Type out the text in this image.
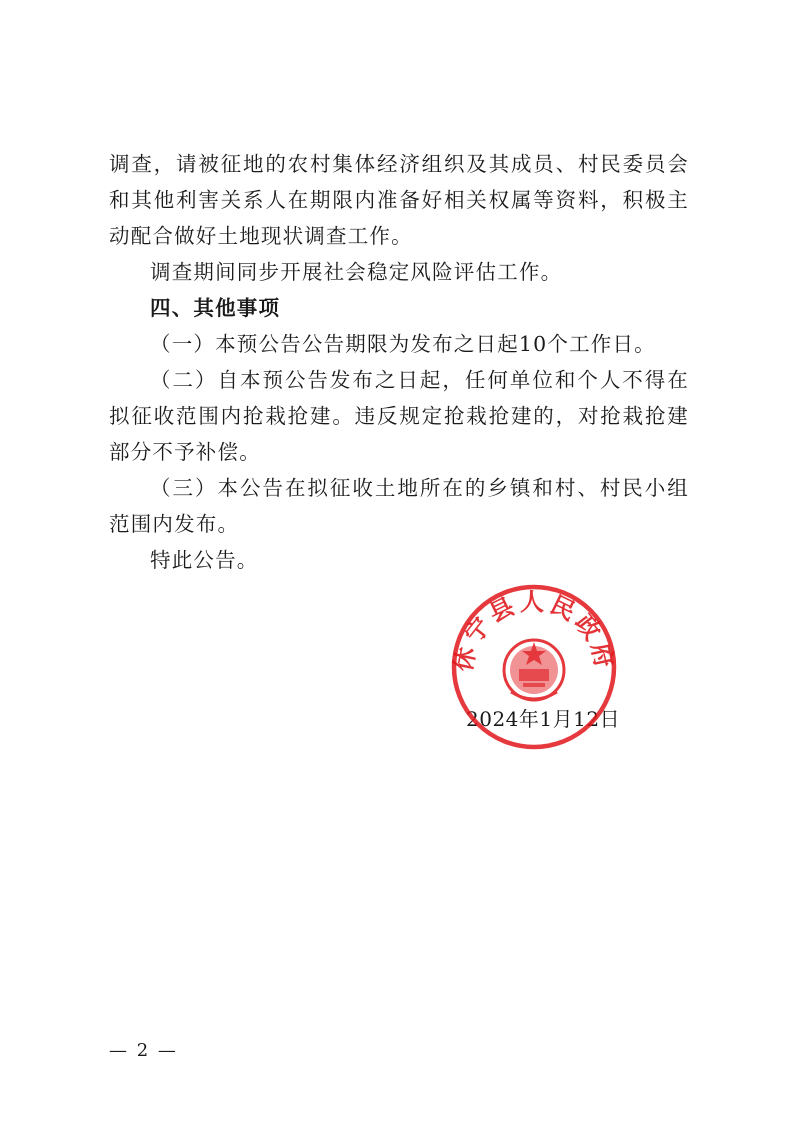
调查，请被征地的农村集体经济组织及其成员、村民委员会和其他利害关系人在期限内准备好相关权属等资料，积极主动配合做好土地现状调查工作。

调查期间同步开展社会稳定风险评估工作。

四、其他事项

（一）本预公告公告期限为发布之日起10个工作日。

（二）自本预公告发布之日起，任何单位和个人不得在拟征收范围内抢栽抢建。违反规定抢栽抢建的，对抢栽抢建部分不予补偿。

（三）本公告在拟征收土地所在的乡镇和村、村民小组范围内发布。

特此公告。

2024年1月12日
休宁县人民政府
— 2 —
